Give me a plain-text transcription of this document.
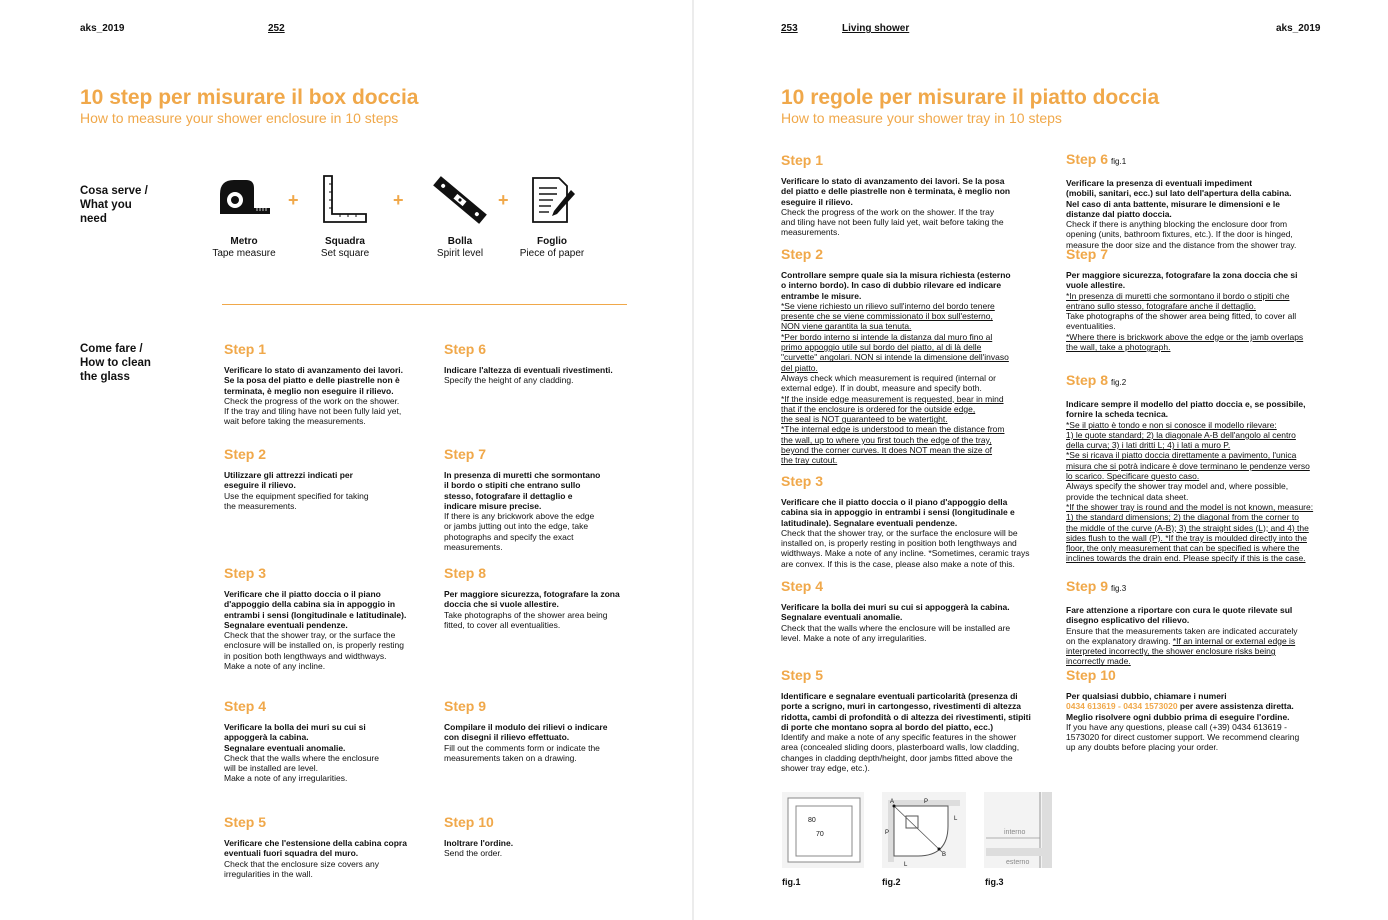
aks_2019	252
10 step per misurare il box doccia
How to measure your shower enclosure in 10 steps
Cosa serve /
What you
need
Metro
Tape measure
+
Squadra
Set square
+
Bolla
Spirit level
+
Foglio
Piece of paper
Come fare /
How to clean
the glass
Step 1
Verificare lo stato di avanzamento dei lavori.
Se la posa del piatto e delle piastrelle non è
terminata, è meglio non eseguire il rilievo.
Check the progress of the work on the shower.
If the tray and tiling have not been fully laid yet,
wait before taking the measurements.
Step 2
Utilizzare gli attrezzi indicati per
eseguire il rilievo.
Use the equipment specified for taking
the measurements.
Step 3
Verificare che il piatto doccia o il piano
d'appoggio della cabina sia in appoggio in
entrambi i sensi (longitudinale e latitudinale).
Segnalare eventuali pendenze.
Check that the shower tray, or the surface the
enclosure will be installed on, is properly resting
in position both lengthways and widthways.
Make a note of any incline.
Step 4
Verificare la bolla dei muri su cui si
appoggerà la cabina.
Segnalare eventuali anomalie.
Check that the walls where the enclosure
will be installed are level.
Make a note of any irregularities.
Step 5
Verificare che l'estensione della cabina copra
eventuali fuori squadra del muro.
Check that the enclosure size covers any
irregularities in the wall.
Step 6
Indicare l'altezza di eventuali rivestimenti.
Specify the height of any cladding.
Step 7
In presenza di muretti che sormontano
il bordo o stipiti che entrano sullo
stesso, fotografare il dettaglio e
indicare misure precise.
If there is any brickwork above the edge
or jambs jutting out into the edge, take
photographs and specify the exact
measurements.
Step 8
Per maggiore sicurezza, fotografare la zona
doccia che si vuole allestire.
Take photographs of the shower area being
fitted, to cover all eventualities.
Step 9
Compilare il modulo dei rilievi o indicare
con disegni il rilievo effettuato.
Fill out the comments form or indicate the
measurements taken on a drawing.
Step 10
Inoltrare l'ordine.
Send the order.
253	Living shower	aks_2019
10 regole per misurare il piatto doccia
How to measure your shower tray in 10 steps
Step 1
Verificare lo stato di avanzamento dei lavori. Se la posa
del piatto e delle piastrelle non è terminata, è meglio non
eseguire il rilievo.
Check the progress of the work on the shower. If the tray
and tiling have not been fully laid yet, wait before taking the
measurements.
Step 2
Controllare sempre quale sia la misura richiesta (esterno
o interno bordo). In caso di dubbio rilevare ed indicare
entrambe le misure.
*Se viene richiesto un rilievo sull'interno del bordo tenere
presente che se viene commissionato il box sull'esterno,
NON viene garantita la sua tenuta.
*Per bordo interno si intende la distanza dal muro fino al
primo appoggio utile sul bordo del piatto, al di là delle
"curvette" angolari. NON si intende la dimensione dell'invaso
del piatto.
Always check which measurement is required (internal or
external edge). If in doubt, measure and specify both.
*If the inside edge measurement is requested, bear in mind
that if the enclosure is ordered for the outside edge,
the seal is NOT guaranteed to be watertight.
*The internal edge is understood to mean the distance from
the wall, up to where you first touch the edge of the tray,
beyond the corner curves. It does NOT mean the size of
the tray cutout.
Step 3
Verificare che il piatto doccia o il piano d'appoggio della
cabina sia in appoggio in entrambi i sensi (longitudinale e
latitudinale). Segnalare eventuali pendenze.
Check that the shower tray, or the surface the enclosure will be
installed on, is properly resting in position both lengthways and
widthways. Make a note of any incline. *Sometimes, ceramic trays
are convex. If this is the case, please also make a note of this.
Step 4
Verificare la bolla dei muri su cui si appoggerà la cabina.
Segnalare eventuali anomalie.
Check that the walls where the enclosure will be installed are
level. Make a note of any irregularities.
Step 5
Identificare e segnalare eventuali particolarità (presenza di
porte a scrigno, muri in cartongesso, rivestimenti di altezza
ridotta, cambi di profondità o di altezza dei rivestimenti, stipiti
di porte che montano sopra al bordo del piatto, ecc.)
Identify and make a note of any specific features in the shower
area (concealed sliding doors, plasterboard walls, low cladding,
changes in cladding depth/height, door jambs fitted above the
shower tray edge, etc.).
Step 6 fig.1
Verificare la presenza di eventuali impediment
(mobili, sanitari, ecc.) sul lato dell'apertura della cabina.
Nel caso di anta battente, misurare le dimensioni e le
distanze dal piatto doccia.
Check if there is anything blocking the enclosure door from
opening (units, bathroom fixtures, etc.). If the door is hinged,
measure the door size and the distance from the shower tray.
Step 7
Per maggiore sicurezza, fotografare la zona doccia che si
vuole allestire.
*In presenza di muretti che sormontano il bordo o stipiti che
entrano sullo stesso, fotografare anche il dettaglio.
Take photographs of the shower area being fitted, to cover all
eventualities.
*Where there is brickwork above the edge or the jamb overlaps
the wall, take a photograph.
Step 8 fig.2
Indicare sempre il modello del piatto doccia e, se possibile,
fornire la scheda tecnica.
*Se il piatto è tondo e non si conosce il modello rilevare:
1) le quote standard; 2) la diagonale A-B dell'angolo al centro
della curva; 3) i lati dritti L; 4) i lati a muro P.
*Se si ricava il piatto doccia direttamente a pavimento, l'unica
misura che si potrà indicare è dove terminano le pendenze verso
lo scarico. Specificare questo caso.
Always specify the shower tray model and, where possible,
provide the technical data sheet.
*If the shower tray is round and the model is not known, measure:
1) the standard dimensions; 2) the diagonal from the corner to
the middle of the curve (A-B); 3) the straight sides (L); and 4) the
sides flush to the wall (P). *If the tray is moulded directly into the
floor, the only measurement that can be specified is where the
inclines towards the drain end. Please specify if this is the case.
Step 9 fig.3
Fare attenzione a riportare con cura le quote rilevate sul
disegno esplicativo del rilievo.
Ensure that the measurements taken are indicated accurately
on the explanatory drawing. *If an internal or external edge is
interpreted incorrectly, the shower enclosure risks being
incorrectly made.
Step 10
Per qualsiasi dubbio, chiamare i numeri
0434 613619 - 0434 1573020 per avere assistenza diretta.
Meglio risolvere ogni dubbio prima di eseguire l'ordine.
If you have any questions, please call (+39) 0434 613619 -
1573020 for direct customer support. We recommend clearing
up any doubts before placing your order.
80
70
fig.1
A	P
L
P
B
L
fig.2
interno
esterno
fig.3
